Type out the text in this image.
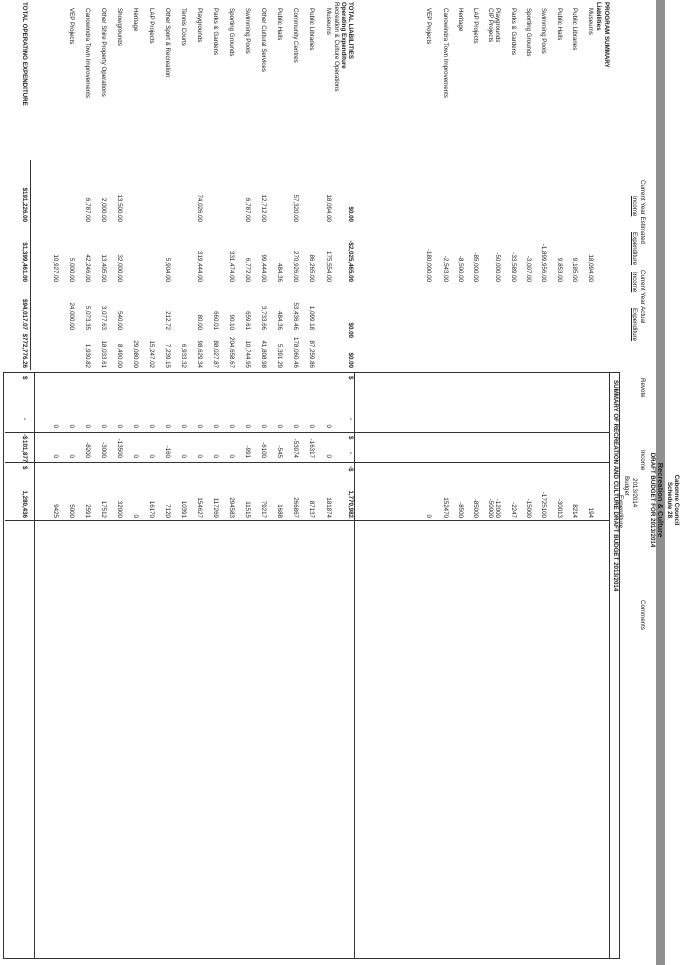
Cabonne Council
Schedule 28
Recreation & Culture
DRAFT BUDGET FOR 2013/2014
Current Year Estimated
Income
Expenditure
Current Year Actual
Income
Expenditure
2013/2014
Budget
Revote
Income
Expenditure
Comments
SUMMARY OF RECREATION AND CULTURE DRAFT BUDGET 2013/2014
PROGRAM SUMMARY
Liabilities
Museums
18,094.00
194
Public Libraries
9,185.00
8214
Public Halls
9,853.00
-30013
Swimming Pools
-1,899,956.00
-1725100
Sporting Grounds
-3,007.00
-15000
Parks & Gardens
-33,589.00
-2247
Playgrounds
-50,000.00
-12000
CIP Projects
-50000
LAP Projects
-85,000.00
-85000
Heritage
-8,500.00
-8500
Canowindra Town Improvements
-2,543.00
152470
VEP Projects
-180,000.00
0
TOTAL LIABILITIES
Operating Expenditure
Recreation & Culture Operations
$0.00
-$2,025,465.00
$0.00
$0.00
$
-
$
-
-$
1,770,982
Museums
18,094.00
175,554.00
0
0
181874
Public Libraries
86,265.00
1,099.18
87,259.86
0
-16317
87137
Community Centres
57,320.00
270,926.00
53,436.46
178,060.46
0
-53074
266867
Public Halls
484.36
484.36
5,391.29
0
-545
1688
Other Cultural Services
12,712.00
99,444.00
3,733.66
41,808.98
0
-6100
79217
Swimming Pools
6,787.00
6,772.00
659.61
10,744.95
0
-991
11515
Sporting Grounds
331,474.00
90.10
204,658.67
0
0
294583
Parks & Gardens
660.01
88,027.87
0
0
117269
Playgrounds
74,026.00
319,444.00
80.00
98,629.34
0
0
154627
Tennis Courts
6,933.32
0
0
10391
Other Sport & Recreation
5,904.00
212.72
7,239.15
0
-160
7120
LAP Projects
15,247.02
0
0
16170
Heritage
29,080.00
0
0
0
Showgrounds
13,500.00
32,000.00
540.00
8,490.00
0
-13500
32000
Other Shire Property Operations
2,000.00
13,405.00
3,077.63
18,033.61
0
-3000
17512
Canowindra Town Improvements
6,787.00
42,246.00
5,073.35
1,930.82
0
-8200
2591
VEP Projects
5,000.00
24,000.00
0
0
5000
10,927.00
0
0
9425
TOTAL OPERATING EXPENDITURE
$191,226.00
$1,399,461.00
$94,017.07
$772,776.26
$
-
-$
101,877
$
1,280,436
